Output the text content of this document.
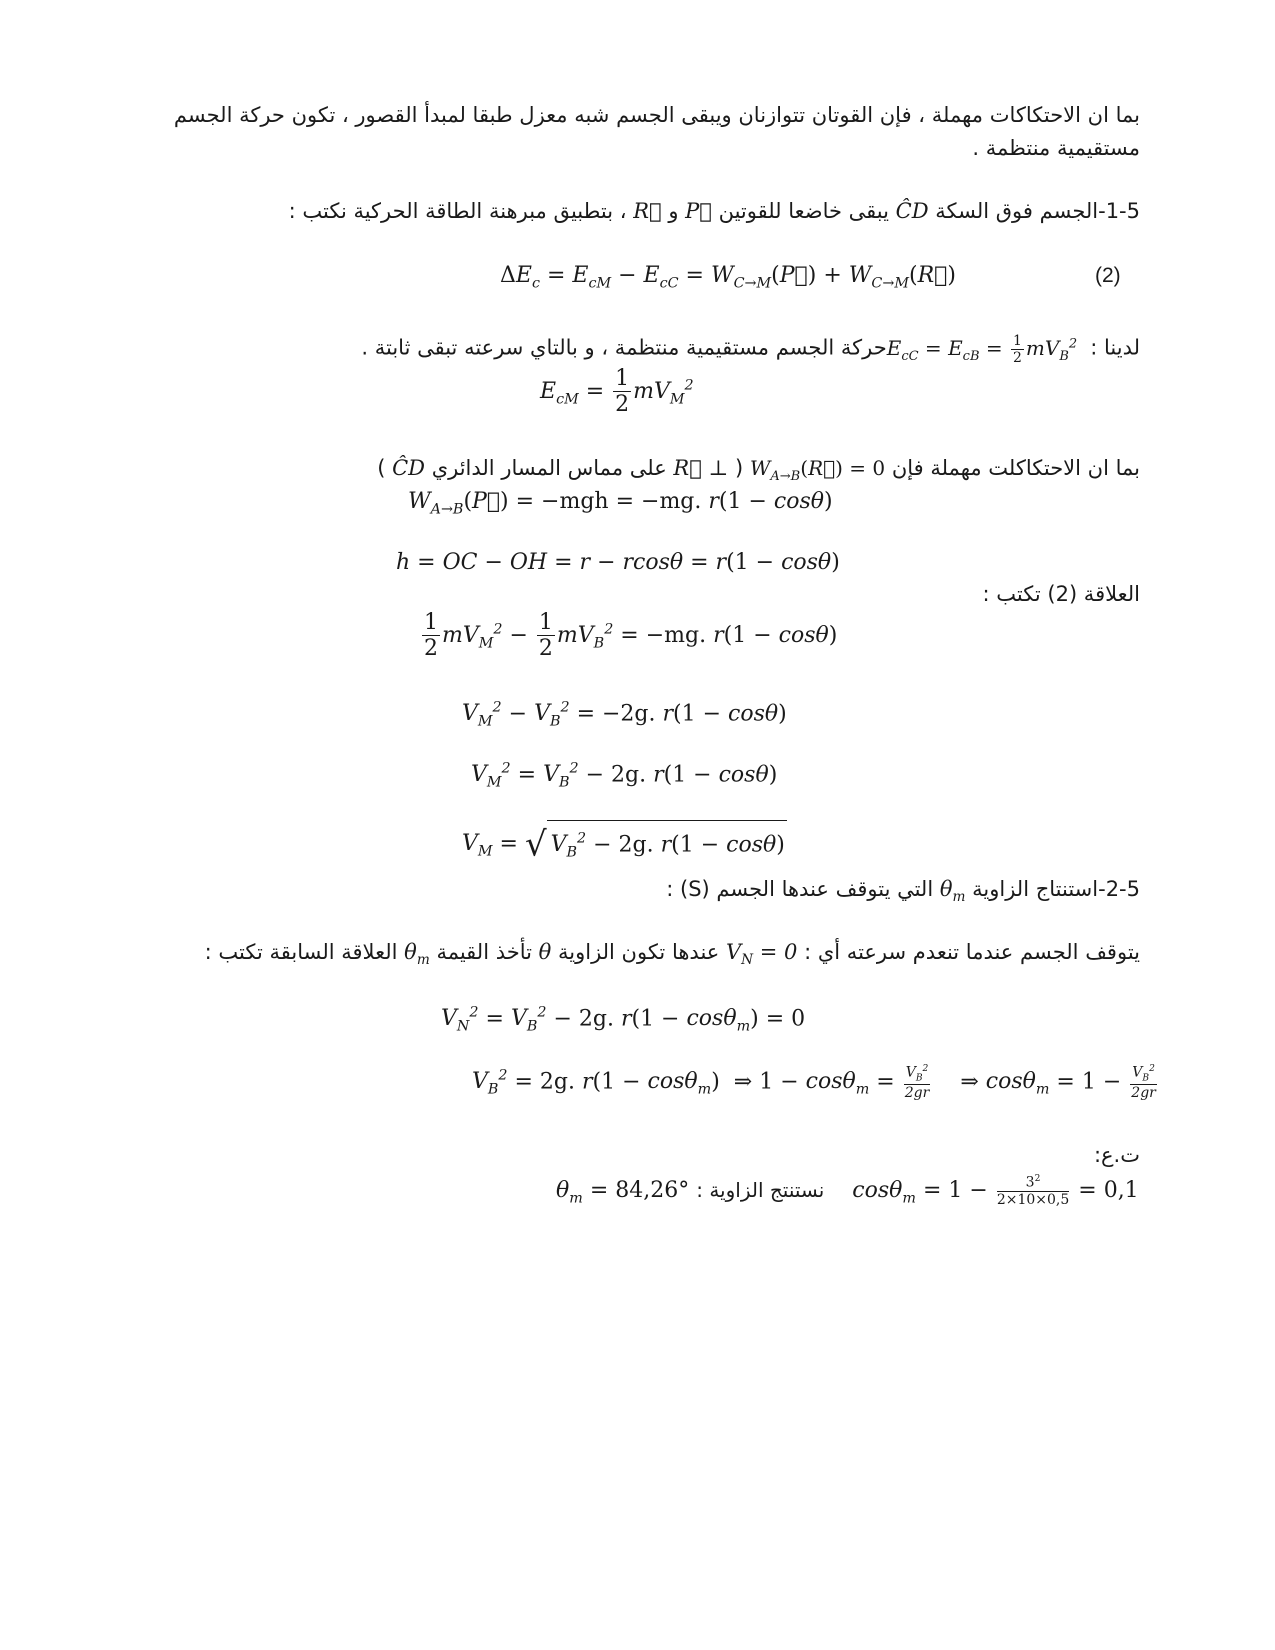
بما ان الاحتكاكات مهملة ، فإن القوتان تتوازنان ويبقى الجسم شبه معزل طبقا لمبدأ القصور ، تكون حركة الجسم
مستقيمية منتظمة .
1-5-الجسم فوق السكة ĈD يبقى خاضعا للقوتين P⃗ و R⃗ ، بتطبيق مبرهنة الطاقة الحركية نكتب :
$\Delta E_c = E_{cM} - E_{cC}$ = $W_{C\to M}(P⃗)$ + $W_{C\to M}(R⃗)$	(2)
لدينا : $E_{cC} = E_{cB} = \frac{1}{2} mV_B^2$ حركة الجسم مستقيمية منتظمة ، و بالتاي سرعته تبقى ثابتة .
$E_{cM} = \frac{1}{2} mV_M^2$
بما ان الاحتكاكلت مهملة فإن $W_{A\to B}(R⃗) = 0$ ( R⃗ ⊥ على مماس المسار الدائري ĈD )
$W_{A\to B}(P⃗) = -mgh = -mg$. r(1 − cosθ)
h = OC − OH = r − rcosθ = r(1 − cosθ)
العلاقة (2) تكتب :
$\frac{1}{2} mV_M^2 - \frac{1}{2} mV_B^2 = -mg$. r(1 − cosθ)
$V_M^2 - V_B^2 = -2g$. r(1 − cosθ)
$V_M^2 = V_B^2 - 2g$. r(1 − cosθ)
$V_M$ = √ $V_B^2 - 2g$. r(1 − cosθ)
2-5-استنتاج الزاوية $\theta_m$ التي يتوقف عندها الجسم (S) :
يتوقف الجسم عندما تنعدم سرعته أي : $V_N = 0$ عندها تكون الزاوية θ تأخذ القيمة $\theta_m$ العلاقة السابقة تكتب :
$V_N^2 = V_B^2 - 2g$. r(1 − cosθ$_m$) = 0
$V_B^2 = 2g$. r(1 − cosθ$_m$)  ⇒ $1 - \cos\theta_m = \frac{V_B^2}{2gr}$ ⇒ $\cos\theta_m = 1 - \frac{V_B^2}{2gr}$
ت.ع:
$\theta_m = 84,26^\circ$ نستنتج الزاوية : $\cos\theta_m = 1 - \frac{3^2}{2\times 10\times 0,5} = 0,1$
